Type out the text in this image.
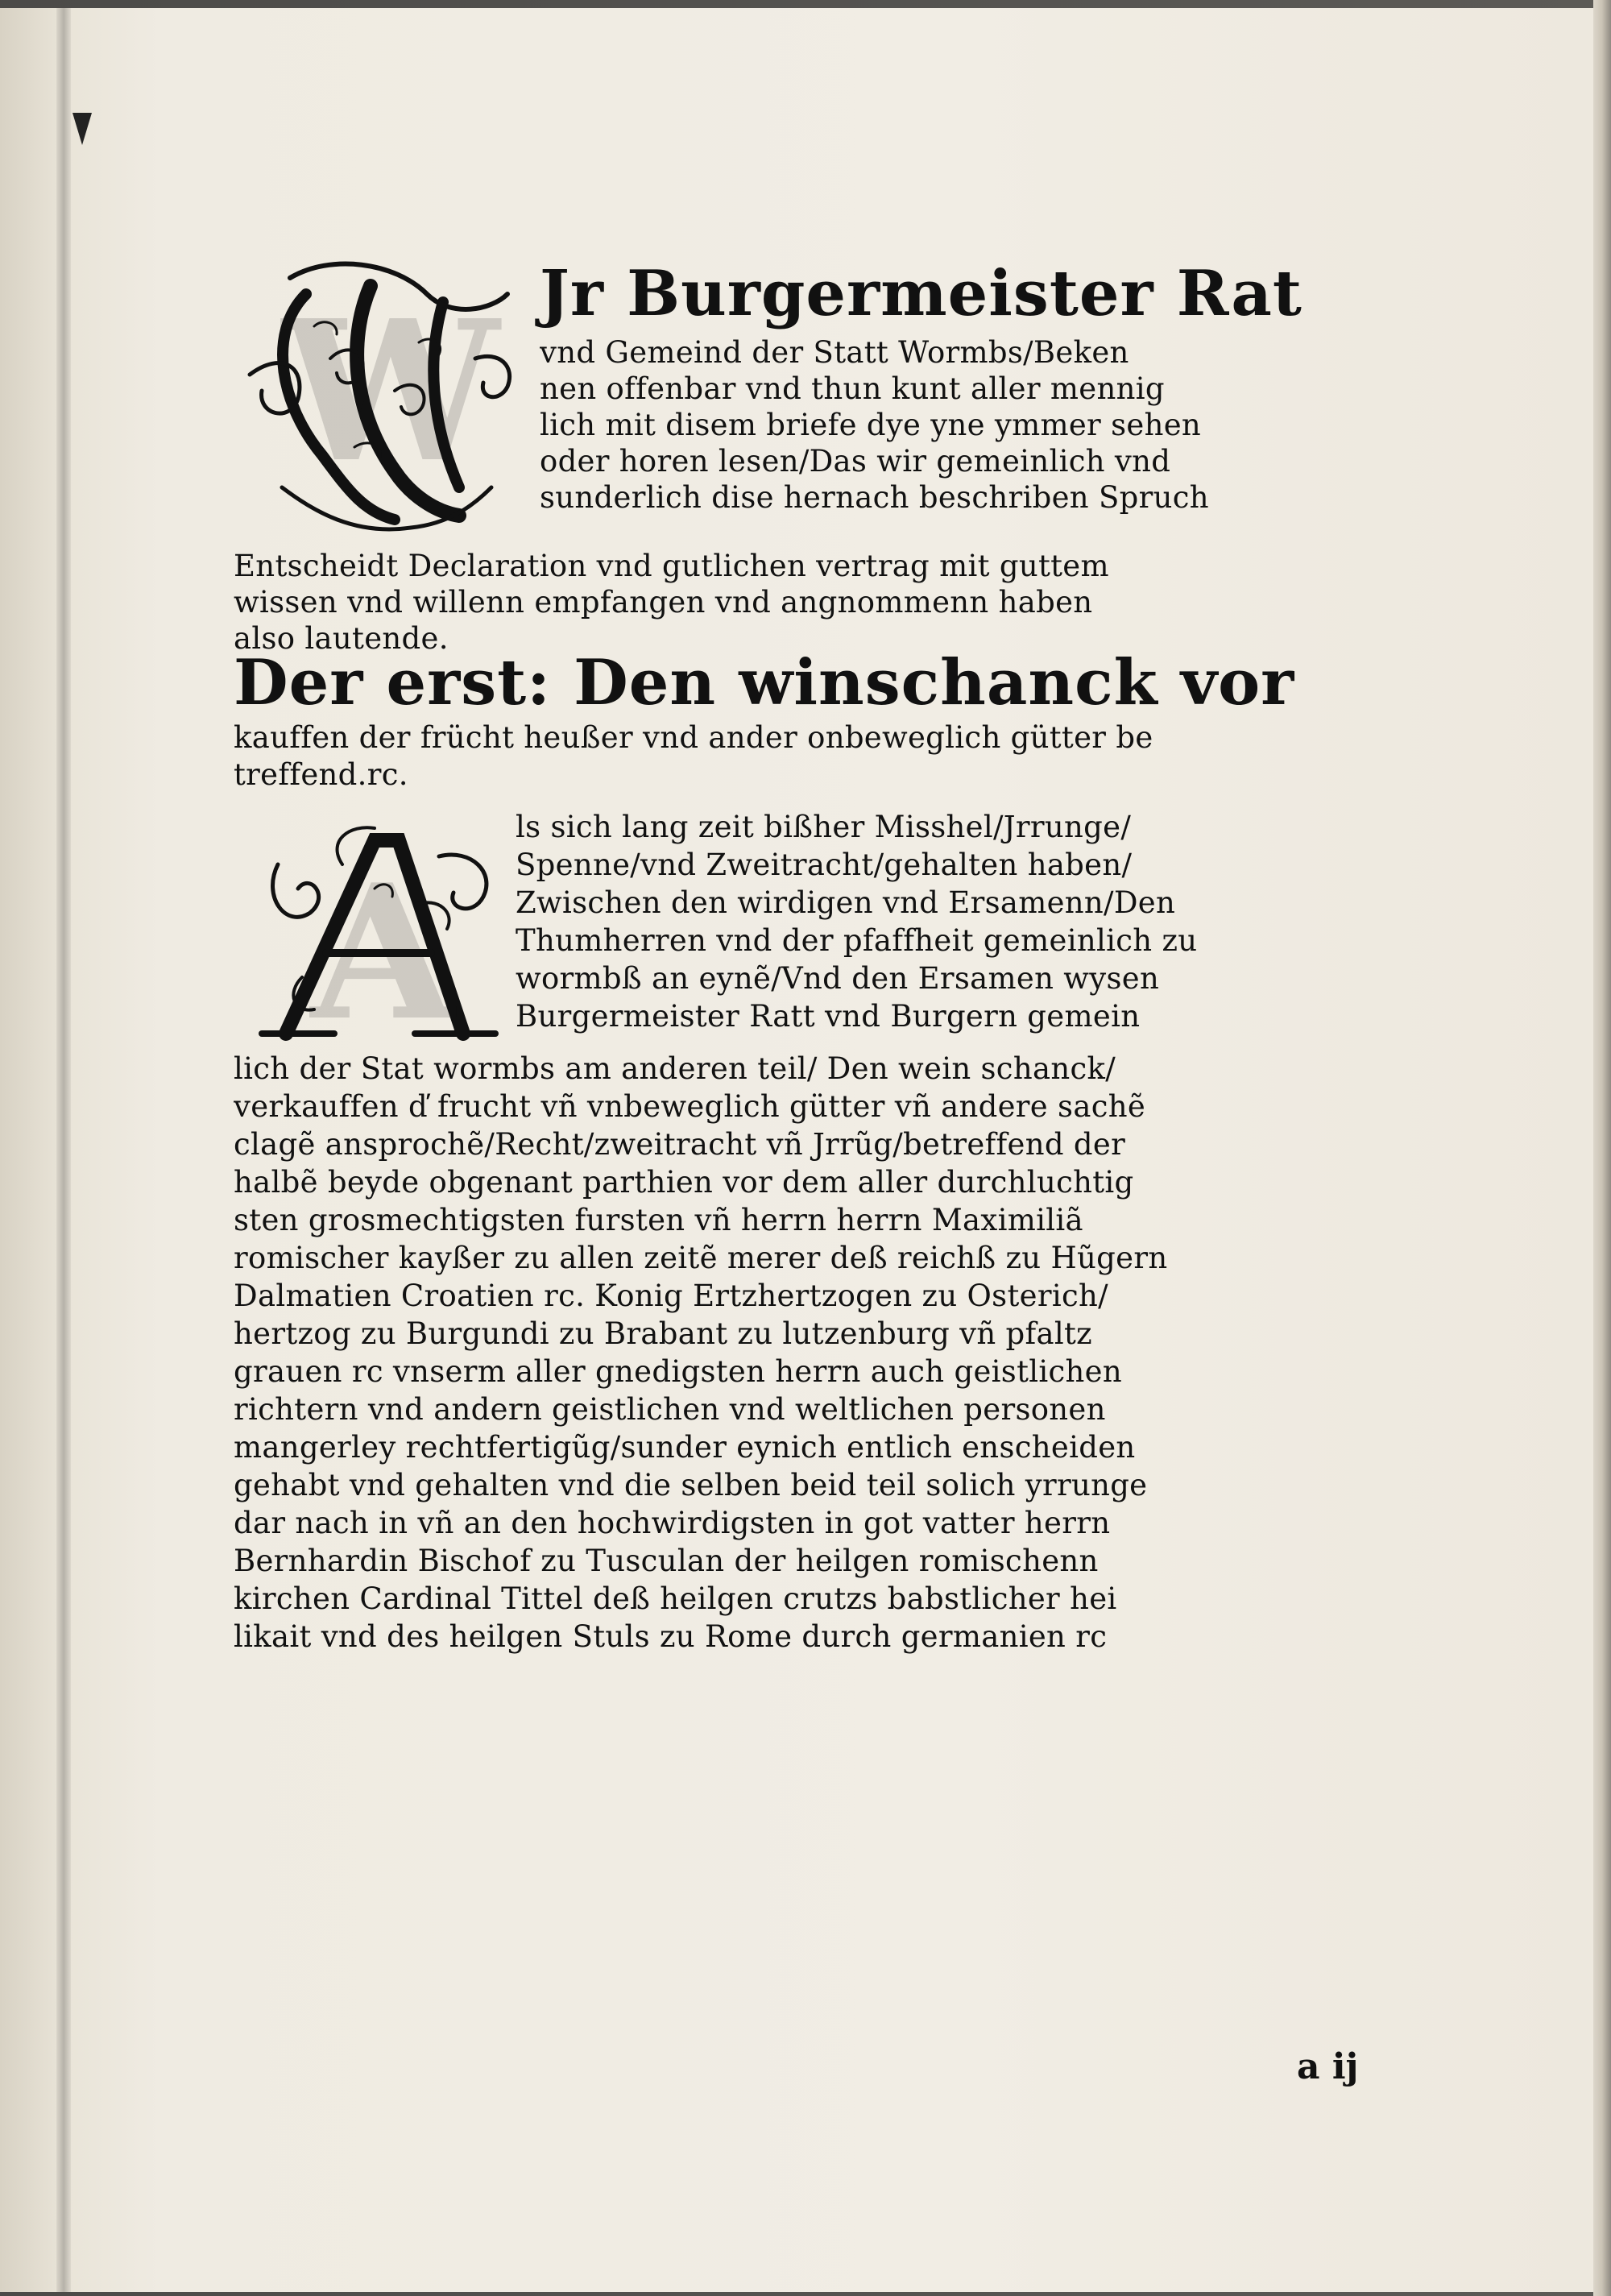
W Jr Burgermeister Rat
vnd Gemeind der Statt Wormbs/Beken
nen offenbar vnd thun kunt aller mennig
lich mit disem briefe dye yne ymmer sehen
oder horen lesen/Das wir gemeinlich vnd
sunderlich dise hernach beschriben Spruch
Entscheidt Declaration vnd gutlichen vertrag mit guttem
wissen vnd willenn empfangen vnd angnommenn haben
also lautende.
Der erst: Den winschanck vor
kauffen der frücht heußer vnd ander onbeweglich gütter be
treffend.rc.
A
ls sich lang zeit bißher Misshel/Jrrunge/
Spenne/vnd Zweitracht/gehalten haben/
Zwischen den wirdigen vnd Ersamenn/Den
Thumherren vnd der pfaffheit gemeinlich zu
wormbß an eynẽ/Vnd den Ersamen wysen
Burgermeister Ratt vnd Burgern gemein
lich der Stat wormbs am anderen teil/ Den wein schanck/
verkauffen ď frucht vñ vnbeweglich gütter vñ andere sachẽ
clagẽ ansprochẽ/Recht/zweitracht vñ Jrrũg/betreffend der
halbẽ beyde obgenant parthien vor dem aller durchluchtig
sten grosmechtigsten fursten vñ herrn herrn Maximiliã
romischer kayßer zu allen zeitẽ merer deß reichß zu Hũgern
Dalmatien Croatien rc. Konig Ertzhertzogen zu Osterich/
hertzog zu Burgundi zu Brabant zu lutzenburg vñ pfaltz
grauen rc vnserm aller gnedigsten herrn auch geistlichen
richtern vnd andern geistlichen vnd weltlichen personen
mangerley rechtfertigũg/sunder eynich entlich enscheiden
gehabt vnd gehalten vnd die selben beid teil solich yrrunge
dar nach in vñ an den hochwirdigsten in got vatter herrn
Bernhardin Bischof zu Tusculan der heilgen romischenn
kirchen Cardinal Tittel deß heilgen crutzs babstlicher hei
likait vnd des heilgen Stuls zu Rome durch germanien rc
a ij
